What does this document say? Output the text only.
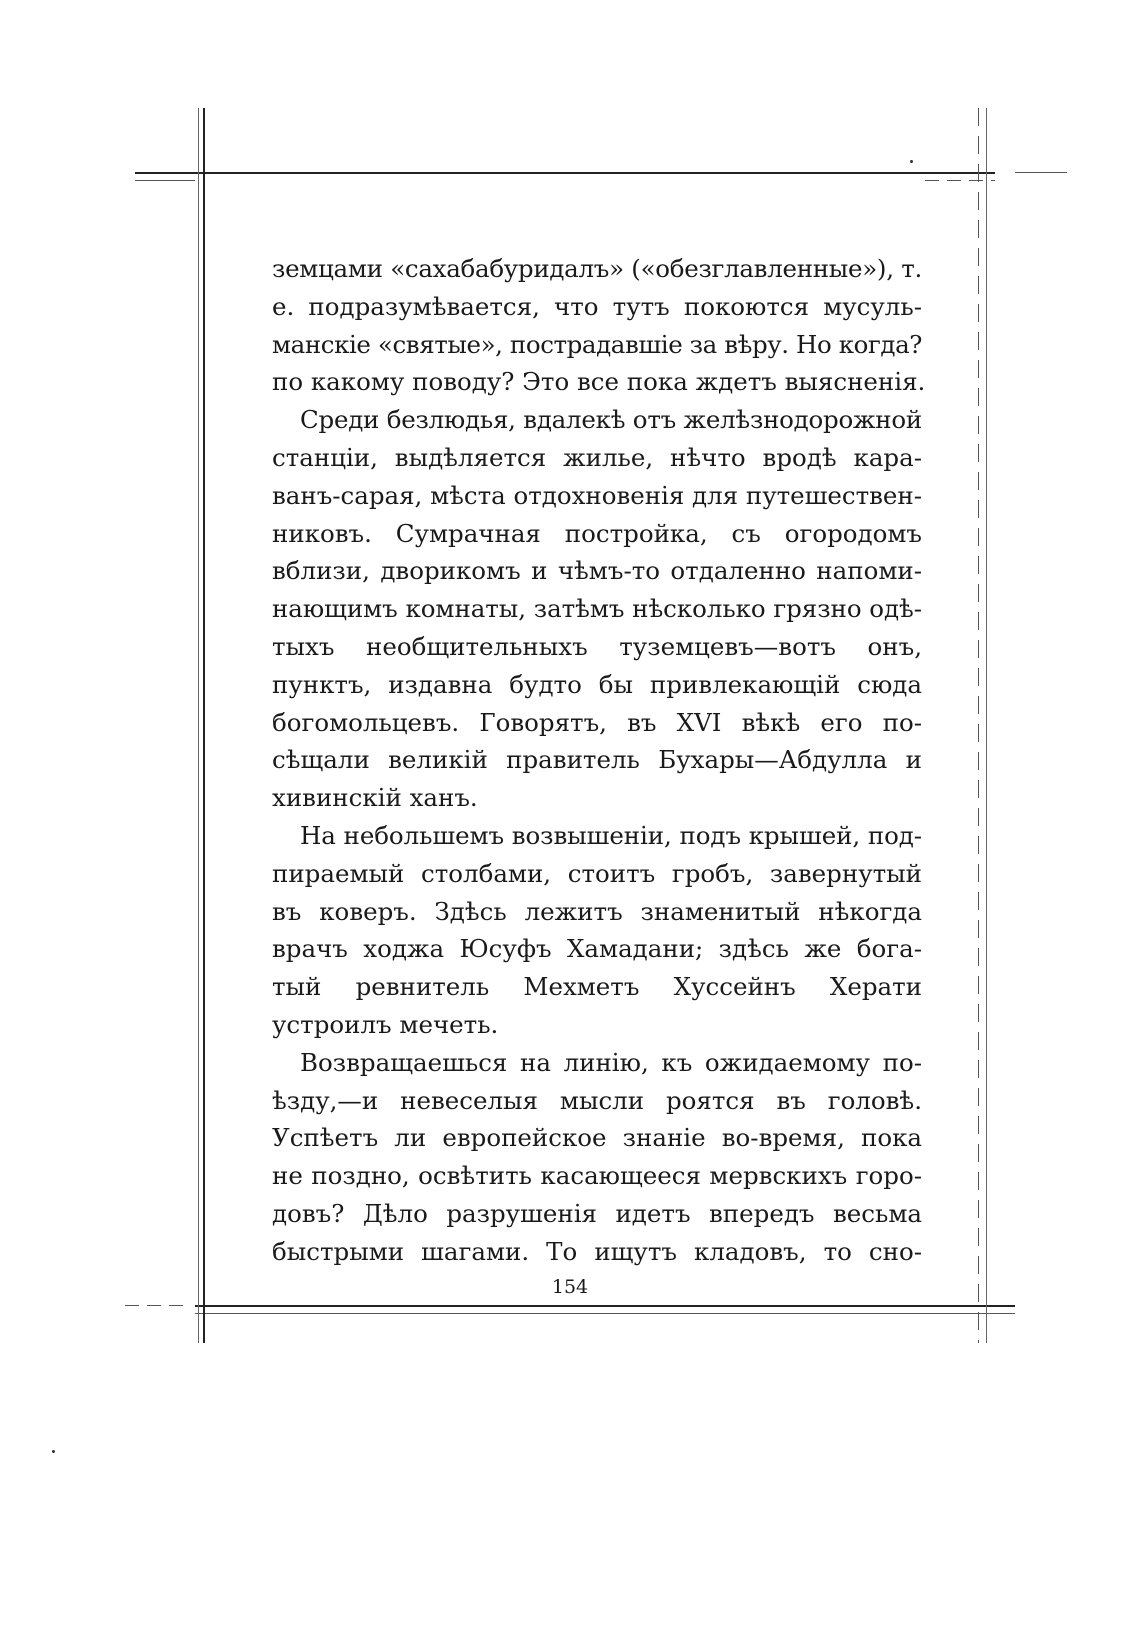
земцами «сахабабуридалъ» («обезглавленные»), т.
е. подразумѣвается, что тутъ покоются мусуль-
манскіе «святые», пострадавшіе за вѣру. Но когда?
по какому поводу? Это все пока ждетъ выясненія.
Среди безлюдья, вдалекѣ отъ желѣзнодорожной
станціи, выдѣляется жилье, нѣчто вродѣ кара-
ванъ-сарая, мѣста отдохновенія для путешествен-
никовъ. Сумрачная постройка, съ огородомъ
вблизи, дворикомъ и чѣмъ-то отдаленно напоми-
нающимъ комнаты, затѣмъ нѣсколько грязно одѣ-
тыхъ необщительныхъ туземцевъ—вотъ онъ,
пунктъ, издавна будто бы привлекающій сюда
богомольцевъ. Говорятъ, въ XVI вѣкѣ его по-
сѣщали великій правитель Бухары—Абдулла и
хивинскій ханъ.
На небольшемъ возвышеніи, подъ крышей, под-
пираемый столбами, стоитъ гробъ, завернутый
въ коверъ. Здѣсь лежитъ знаменитый нѣкогда
врачъ ходжа Юсуфъ Хамадани; здѣсь же бога-
тый ревнитель Мехметъ Хуссейнъ Херати
устроилъ мечеть.
Возвращаешься на линію, къ ожидаемому по-
ѣзду,—и невеселыя мысли роятся въ головѣ.
Успѣетъ ли европейское знаніе во-время, пока
не поздно, освѣтить касающееся мервскихъ горо-
довъ? Дѣло разрушенія идетъ впередъ весьма
быстрыми шагами. То ищутъ кладовъ, то сно-
154
